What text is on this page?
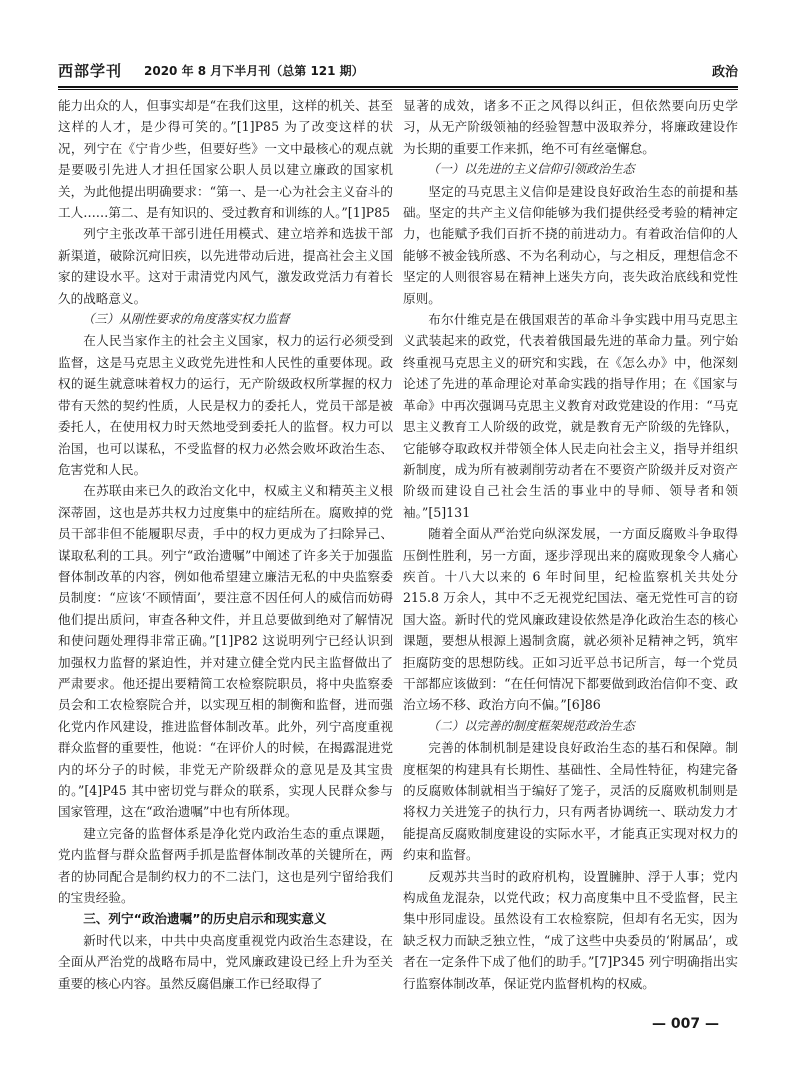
西部学刊 2020 年 8 月下半月刊（总第 121 期）	政治

能力出众的人，但事实却是“在我们这里，这样的机关、甚至这样的人才，是少得可笑的。”[1]P85 为了改变这样的状况，列宁在《宁肯少些，但要好些》一文中最核心的观点就是要吸引先进人才担任国家公职人员以建立廉政的国家机关，为此他提出明确要求：“第一、是一心为社会主义奋斗的工人……第二、是有知识的、受过教育和训练的人。”[1]P85

列宁主张改革干部引进任用模式、建立培养和选拔干部新渠道，破除沉疴旧疾，以先进带动后进，提高社会主义国家的建设水平。这对于肃清党内风气，激发政党活力有着长久的战略意义。

（三）从刚性要求的角度落实权力监督

在人民当家作主的社会主义国家，权力的运行必须受到监督，这是马克思主义政党先进性和人民性的重要体现。政权的诞生就意味着权力的运行，无产阶级政权所掌握的权力带有天然的契约性质，人民是权力的委托人，党员干部是被委托人，在使用权力时天然地受到委托人的监督。权力可以治国，也可以谋私，不受监督的权力必然会败坏政治生态、危害党和人民。

在苏联由来已久的政治文化中，权威主义和精英主义根深蒂固，这也是苏共权力过度集中的症结所在。腐败掉的党员干部非但不能履职尽责，手中的权力更成为了扫除异己、谋取私利的工具。列宁“政治遗嘱”中阐述了许多关于加强监督体制改革的内容，例如他希望建立廉洁无私的中央监察委员制度：“应该‘不顾情面’，要注意不因任何人的威信而妨碍他们提出质问，审查各种文件，并且总要做到绝对了解情况和使问题处理得非常正确。”[1]P82 这说明列宁已经认识到加强权力监督的紧迫性，并对建立健全党内民主监督做出了严肃要求。他还提出要精简工农检察院职员，将中央监察委员会和工农检察院合并，以实现互相的制衡和监督，进而强化党内作风建设，推进监督体制改革。此外，列宁高度重视群众监督的重要性，他说：“在评价人的时候，在揭露混进党内的坏分子的时候，非党无产阶级群众的意见是及其宝贵的。”[4]P45 其中密切党与群众的联系，实现人民群众参与国家管理，这在“政治遗嘱”中也有所体现。

建立完备的监督体系是净化党内政治生态的重点课题，党内监督与群众监督两手抓是监督体制改革的关键所在，两者的协同配合是制约权力的不二法门，这也是列宁留给我们的宝贵经验。

三、列宁“政治遗嘱”的历史启示和现实意义

新时代以来，中共中央高度重视党内政治生态建设，在全面从严治党的战略布局中，党风廉政建设已经上升为至关重要的核心内容。虽然反腐倡廉工作已经取得了

显著的成效，诸多不正之风得以纠正，但依然要向历史学习，从无产阶级领袖的经验智慧中汲取养分，将廉政建设作为长期的重要工作来抓，绝不可有丝毫懈怠。

（一）以先进的主义信仰引领政治生态

坚定的马克思主义信仰是建设良好政治生态的前提和基础。坚定的共产主义信仰能够为我们提供经受考验的精神定力，也能赋予我们百折不挠的前进动力。有着政治信仰的人能够不被金钱所惑、不为名利动心，与之相反，理想信念不坚定的人则很容易在精神上迷失方向，丧失政治底线和党性原则。

布尔什维克是在俄国艰苦的革命斗争实践中用马克思主义武装起来的政党，代表着俄国最先进的革命力量。列宁始终重视马克思主义的研究和实践，在《怎么办》中，他深刻论述了先进的革命理论对革命实践的指导作用；在《国家与革命》中再次强调马克思主义教育对政党建设的作用：“马克思主义教育工人阶级的政党，就是教育无产阶级的先锋队，它能够夺取政权并带领全体人民走向社会主义，指导并组织新制度，成为所有被剥削劳动者在不要资产阶级并反对资产阶级而建设自己社会生活的事业中的导师、领导者和领袖。”[5]131

随着全面从严治党向纵深发展，一方面反腐败斗争取得压倒性胜利，另一方面，逐步浮现出来的腐败现象令人痛心疾首。十八大以来的 6 年时间里，纪检监察机关共处分 215.8 万余人，其中不乏无视党纪国法、毫无党性可言的窃国大盗。新时代的党风廉政建设依然是净化政治生态的核心课题，要想从根源上遏制贪腐，就必须补足精神之钙，筑牢拒腐防变的思想防线。正如习近平总书记所言，每一个党员干部都应该做到：“在任何情况下都要做到政治信仰不变、政治立场不移、政治方向不偏。”[6]86

（二）以完善的制度框架规范政治生态

完善的体制机制是建设良好政治生态的基石和保障。制度框架的构建具有长期性、基础性、全局性特征，构建完备的反腐败体制就相当于编好了笼子，灵活的反腐败机制则是将权力关进笼子的执行力，只有两者协调统一、联动发力才能提高反腐败制度建设的实际水平，才能真正实现对权力的约束和监督。

反观苏共当时的政府机构，设置臃肿、浮于人事；党内构成鱼龙混杂，以党代政；权力高度集中且不受监督，民主集中形同虚设。虽然设有工农检察院，但却有名无实，因为缺乏权力而缺乏独立性，“成了这些中央委员的‘附属品’，或者在一定条件下成了他们的助手。”[7]P345 列宁明确指出实行监察体制改革，保证党内监督机构的权威。

— 007 —
